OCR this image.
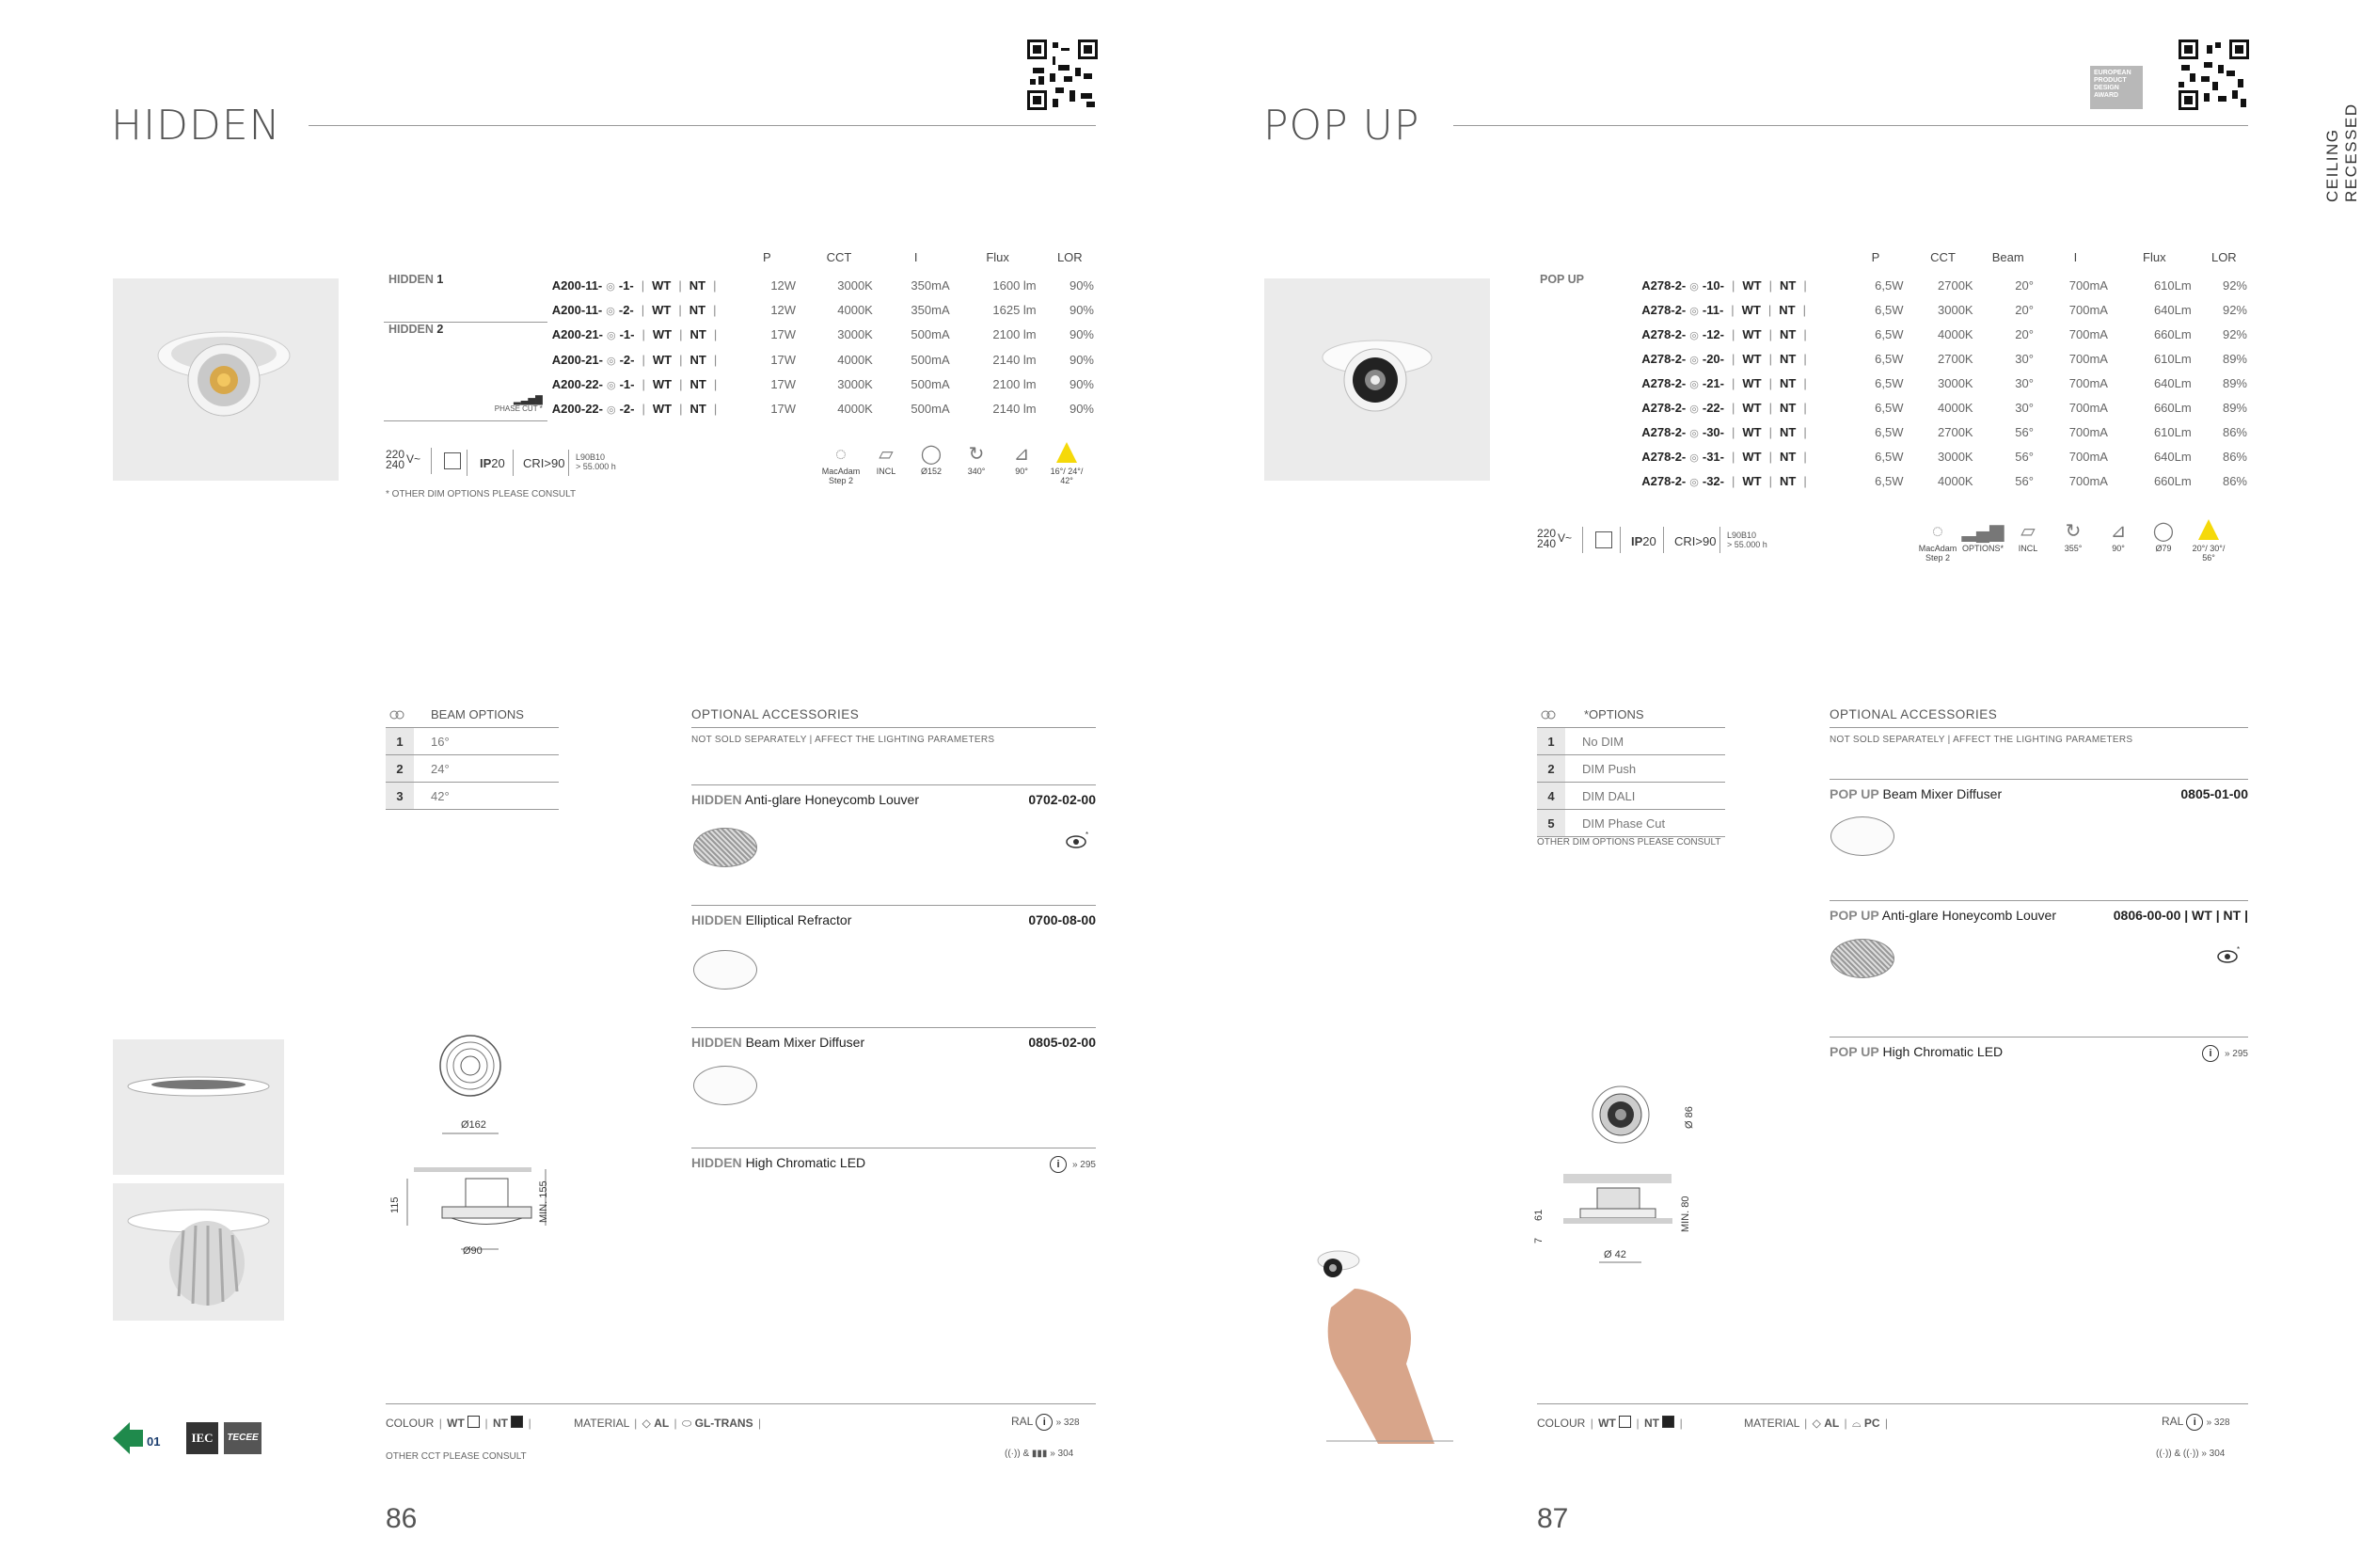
HIDDEN
		P	CCT	I	Flux	LOR
HIDDEN 1	A200-11- ◎ -1- | WT | NT |	12W	3000K	350mA	1600 lm	90%
	A200-11- ◎ -2- | WT | NT |	12W	4000K	350mA	1625 lm	90%
HIDDEN 2	A200-21- ◎ -1- | WT | NT |	17W	3000K	500mA	2100 lm	90%
	A200-21- ◎ -2- | WT | NT |	17W	4000K	500mA	2140 lm	90%
	A200-22- ◎ -1- | WT | NT |	17W	3000K	500mA	2100 lm	90%

▂▃▅▇
PHASE CUT *	A200-22- ◎ -2- | WT | NT |	17W	4000K	500mA	2140 lm	90%
220
240 V~	IP20 CRI>90 L90B10
> 55.000 h
* OTHER DIM OPTIONS PLEASE CONSULT
◌
MacAdam Step 2
▱
INCL
◯
Ø152
↻
340°
⊿
90°	16°/ 24°/ 42°
BEAM OPTIONS
1	16°
2	24°
3	42°
OPTIONAL ACCESSORIES
NOT SOLD SEPARATELY | AFFECT THE LIGHTING PARAMETERS
HIDDEN Anti-glare Honeycomb Louver	0702-02-00
HIDDEN Elliptical Refractor	0700-08-00
HIDDEN Beam Mixer Diffuser	0805-02-00
HIDDEN High Chromatic LED	i » 295
*
Ø162
115	MIN. 155
Ø90
COLOUR | WT | NT |	MATERIAL | ◇ AL | ⬭ GL-TRANS |	RAL i » 328
OTHER CCT PLEASE CONSULT	((·)) & ▮▮▮ » 304
01	IEC	TECEE
86
POP UP
EUROPEAN PRODUCT DESIGN AWARD
CEILING RECESSED
		P	CCT	Beam	I	Flux	LOR
POP UP	A278-2- ◎ -10- | WT | NT |	6,5W	2700K	20°	700mA	610Lm	92%
	A278-2- ◎ -11- | WT | NT |	6,5W	3000K	20°	700mA	640Lm	92%
	A278-2- ◎ -12- | WT | NT |	6,5W	4000K	20°	700mA	660Lm	92%
	A278-2- ◎ -20- | WT | NT |	6,5W	2700K	30°	700mA	610Lm	89%
	A278-2- ◎ -21- | WT | NT |	6,5W	3000K	30°	700mA	640Lm	89%
	A278-2- ◎ -22- | WT | NT |	6,5W	4000K	30°	700mA	660Lm	89%
	A278-2- ◎ -30- | WT | NT |	6,5W	2700K	56°	700mA	610Lm	86%
	A278-2- ◎ -31- | WT | NT |	6,5W	3000K	56°	700mA	640Lm	86%
	A278-2- ◎ -32- | WT | NT |	6,5W	4000K	56°	700mA	660Lm	86%
220
240 V~	IP20 CRI>90 L90B10
> 55.000 h
◌
MacAdam Step 2
▂▄▆
OPTIONS*
▱
INCL
↻
355°
⊿
90°
◯
Ø79	20°/ 30°/ 56°
*OPTIONS
1	No DIM
2	DIM Push
4	DIM DALI
5	DIM Phase Cut
OTHER DIM OPTIONS PLEASE CONSULT
OPTIONAL ACCESSORIES
NOT SOLD SEPARATELY | AFFECT THE LIGHTING PARAMETERS
POP UP Beam Mixer Diffuser	0805-01-00
POP UP Anti-glare Honeycomb Louver	0806-00-00 | WT | NT |
POP UP High Chromatic LED	i » 295
*
Ø 86
7
61	MIN. 80
Ø 42
COLOUR | WT | NT |	MATERIAL | ◇ AL | ⌓ PC |	RAL i » 328
((·)) & ((·)) » 304
87
